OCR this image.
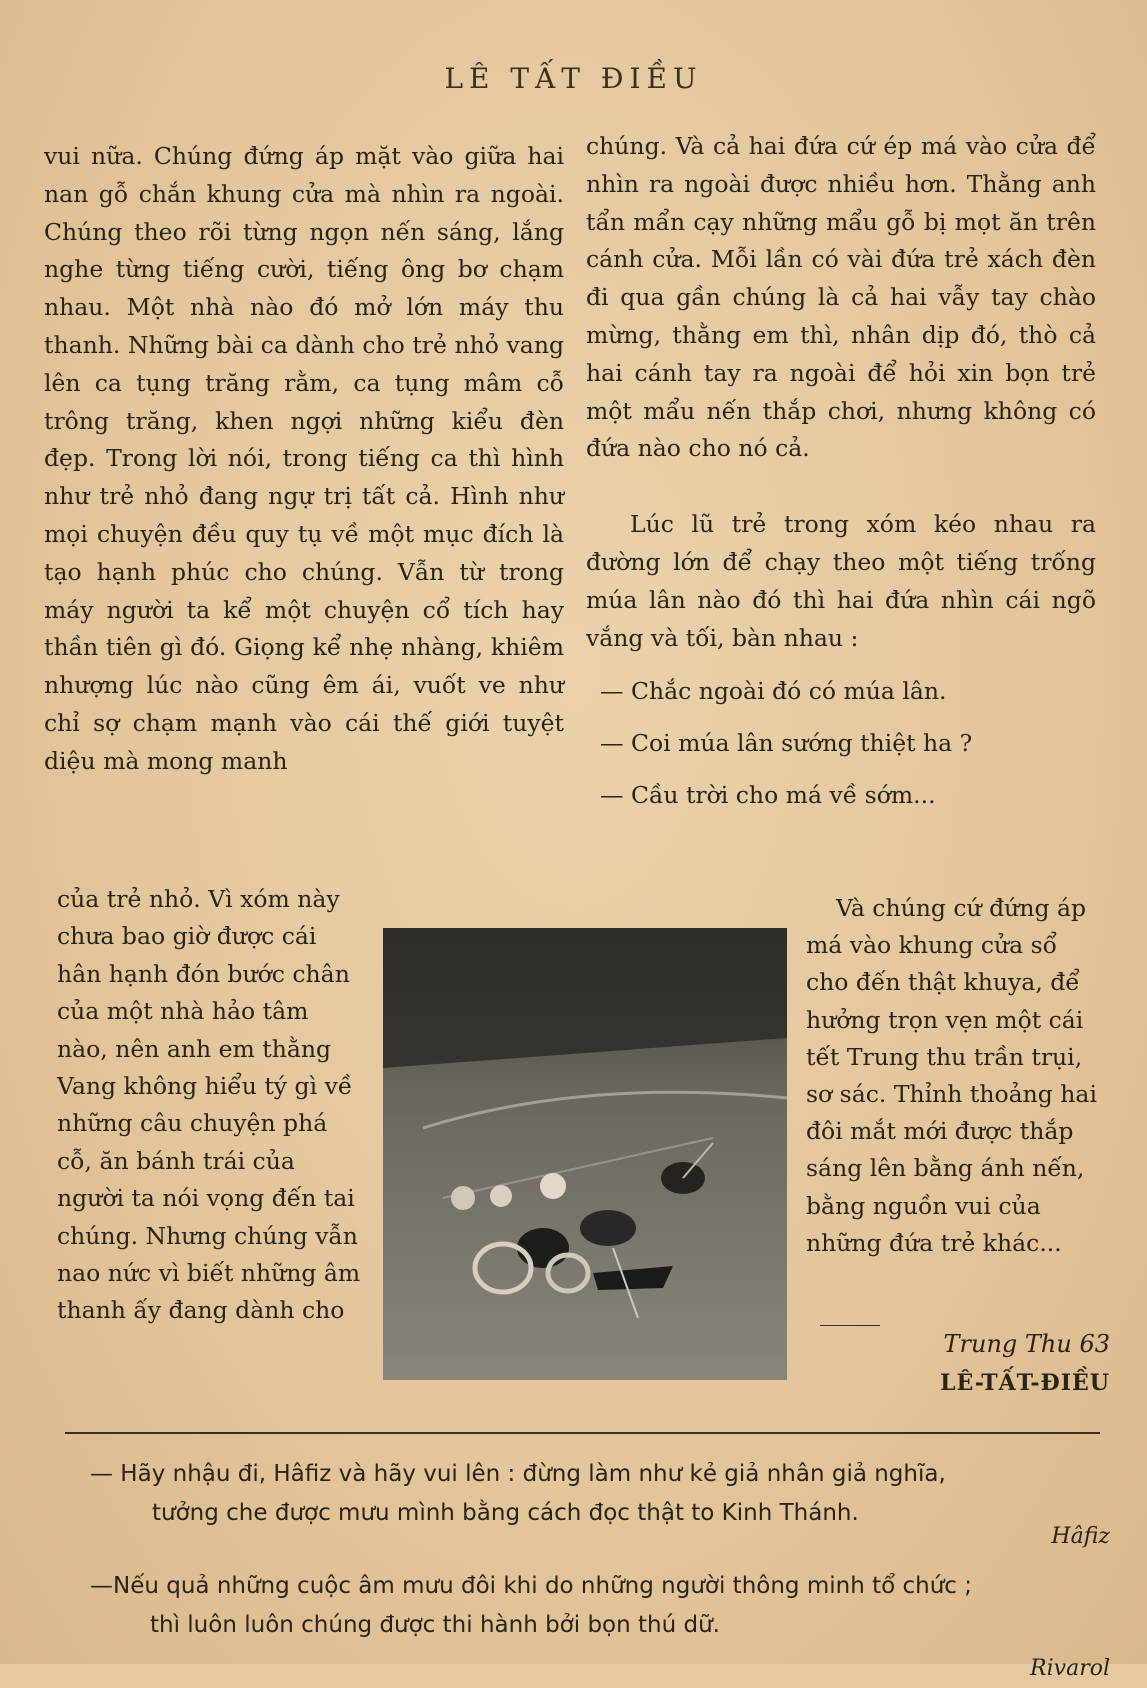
LÊ TẤT ĐIỀU

vui nữa. Chúng đứng áp mặt vào giữa hai nan gỗ chắn khung cửa mà nhìn ra ngoài. Chúng theo rõi từng ngọn nến sáng, lắng nghe từng tiếng cười, tiếng ông bơ chạm nhau. Một nhà nào đó mở lớn máy thu thanh. Những bài ca dành cho trẻ nhỏ vang lên ca tụng trăng rằm, ca tụng mâm cỗ trông trăng, khen ngợi những kiểu đèn đẹp. Trong lời nói, trong tiếng ca thì hình như trẻ nhỏ đang ngự trị tất cả. Hình như mọi chuyện đều quy tụ về một mục đích là tạo hạnh phúc cho chúng. Vẫn từ trong máy người ta kể một chuyện cổ tích hay thần tiên gì đó. Giọng kể nhẹ nhàng, khiêm nhượng lúc nào cũng êm ái, vuốt ve như chỉ sợ chạm mạnh vào cái thế giới tuyệt diệu mà mong manh

chúng. Và cả hai đứa cứ ép má vào cửa để nhìn ra ngoài được nhiều hơn. Thằng anh tẩn mẩn cạy những mẩu gỗ bị mọt ăn trên cánh cửa. Mỗi lần có vài đứa trẻ xách đèn đi qua gần chúng là cả hai vẫy tay chào mừng, thằng em thì, nhân dịp đó, thò cả hai cánh tay ra ngoài để hỏi xin bọn trẻ một mẩu nến thắp chơi, nhưng không có đứa nào cho nó cả.

Lúc lũ trẻ trong xóm kéo nhau ra đường lớn để chạy theo một tiếng trống múa lân nào đó thì hai đứa nhìn cái ngõ vắng và tối, bàn nhau :

— Chắc ngoài đó có múa lân.

— Coi múa lân sướng thiệt ha ?

— Cầu trời cho má về sớm...

của trẻ nhỏ. Vì xóm này chưa bao giờ được cái hân hạnh đón bước chân của một nhà hảo tâm nào, nên anh em thằng Vang không hiểu tý gì về những câu chuyện phá cỗ, ăn bánh trái của người ta nói vọng đến tai chúng. Nhưng chúng vẫn nao nức vì biết những âm thanh ấy đang dành cho

Và chúng cứ đứng áp má vào khung cửa sổ cho đến thật khuya, để hưởng trọn vẹn một cái tết Trung thu trần trụi, sơ sác. Thỉnh thoảng hai đôi mắt mới được thắp sáng lên bằng ánh nến, bằng nguồn vui của những đứa trẻ khác...

Trung Thu 63
LÊ-TẤT-ĐIỀU

— Hãy nhậu đi, Hâfiz và hãy vui lên : đừng làm như kẻ giả nhân giả nghĩa,

tưởng che được mưu mình bằng cách đọc thật to Kinh Thánh.

Hâfiz

—Nếu quả những cuộc âm mưu đôi khi do những người thông minh tổ chức ;

thì luôn luôn chúng được thi hành bởi bọn thú dữ.

Rivarol
